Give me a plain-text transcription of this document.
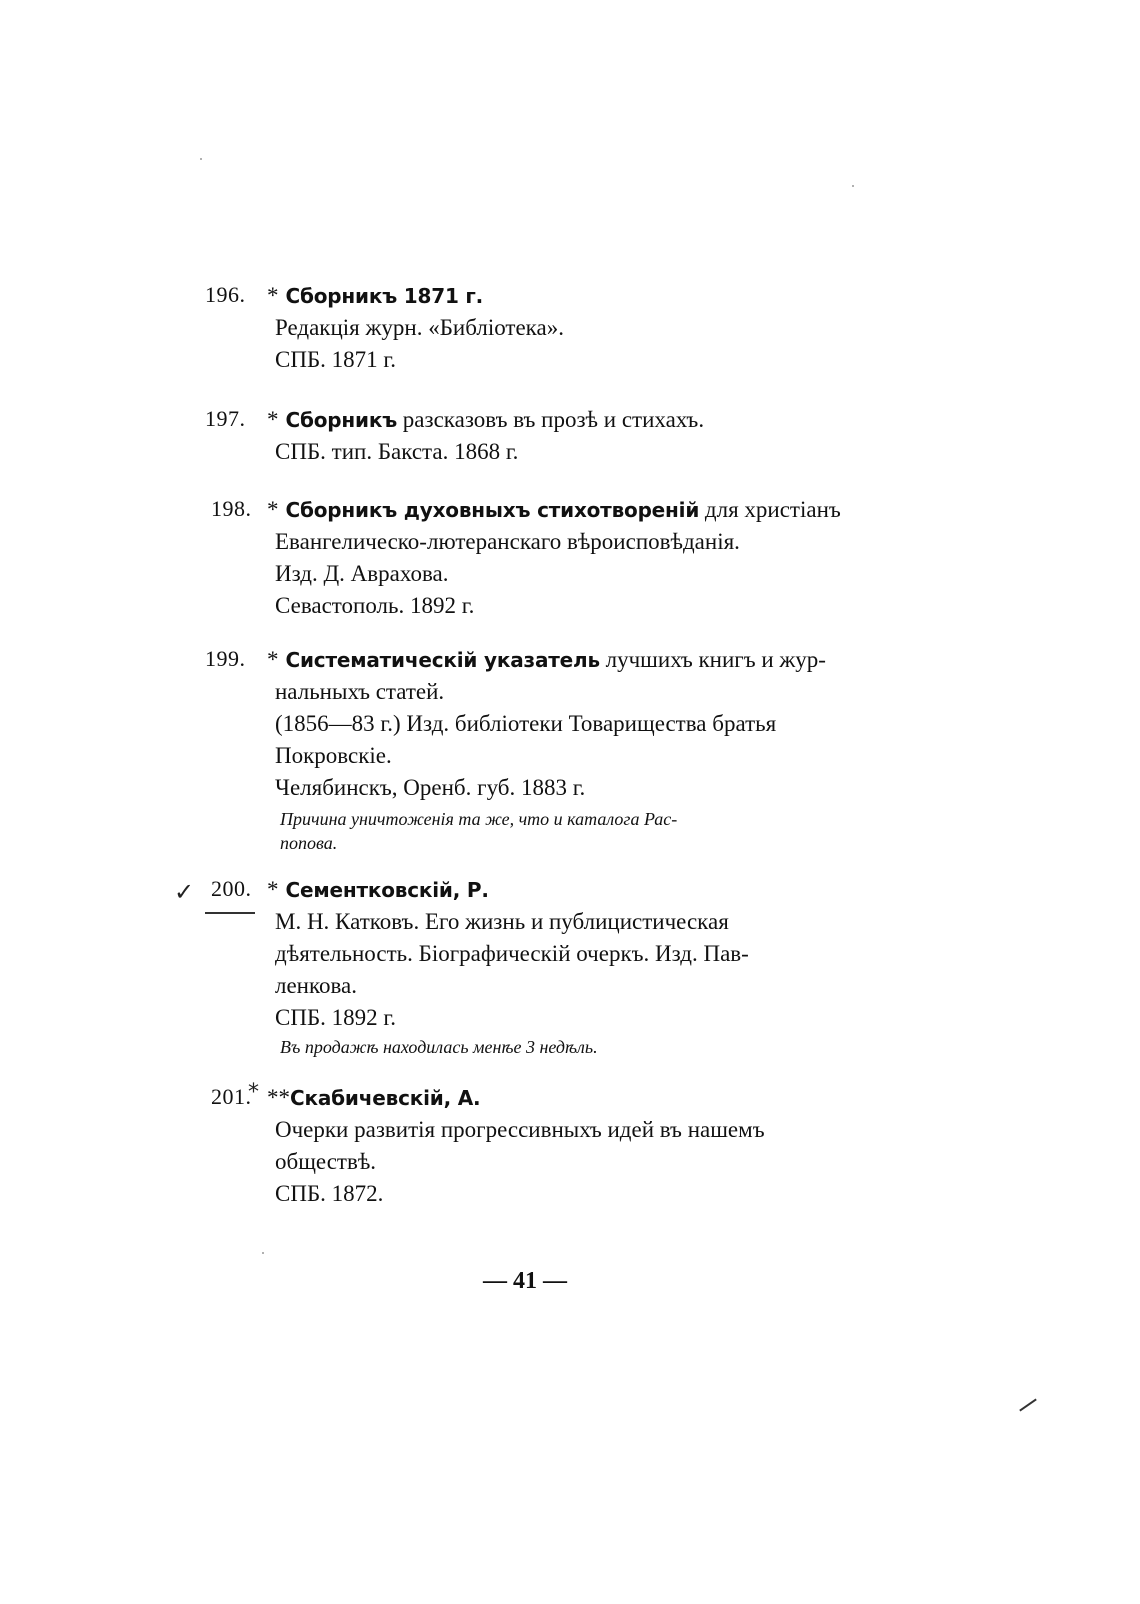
196. * Сборникъ 1871 г.
Редакція журн. «Библіотека».
СПБ. 1871 г.
197. * Сборникъ разсказовъ въ прозѣ и стихахъ.
СПБ. тип. Бакста. 1868 г.
198. * Сборникъ духовныхъ стихотвореній для христіанъ
Евангелическо-лютеранскаго вѣроисповѣданія.
Изд. Д. Аврахова.
Севастополь. 1892 г.
199. * Систематическій указатель лучшихъ книгъ и жур-
нальныхъ статей.
(1856—83 г.) Изд. библіотеки Товарищества братья
Покровскіе.
Челябинскъ, Оренб. губ. 1883 г.
Причина уничтоженія та же, что и каталога Рас-
попова.
200. * Сементковскій, Р.
М. Н. Катковъ. Его жизнь и публицистическая
дѣятельность. Біографическій очеркъ. Изд. Пав-
ленкова.
СПБ. 1892 г.
Въ продажѣ находилась менѣе 3 недѣль.
201. **Скабичевскій, А.
Очерки развитія прогрессивныхъ идей въ нашемъ
обществѣ.
СПБ. 1872.
— 41 —
✓
*
